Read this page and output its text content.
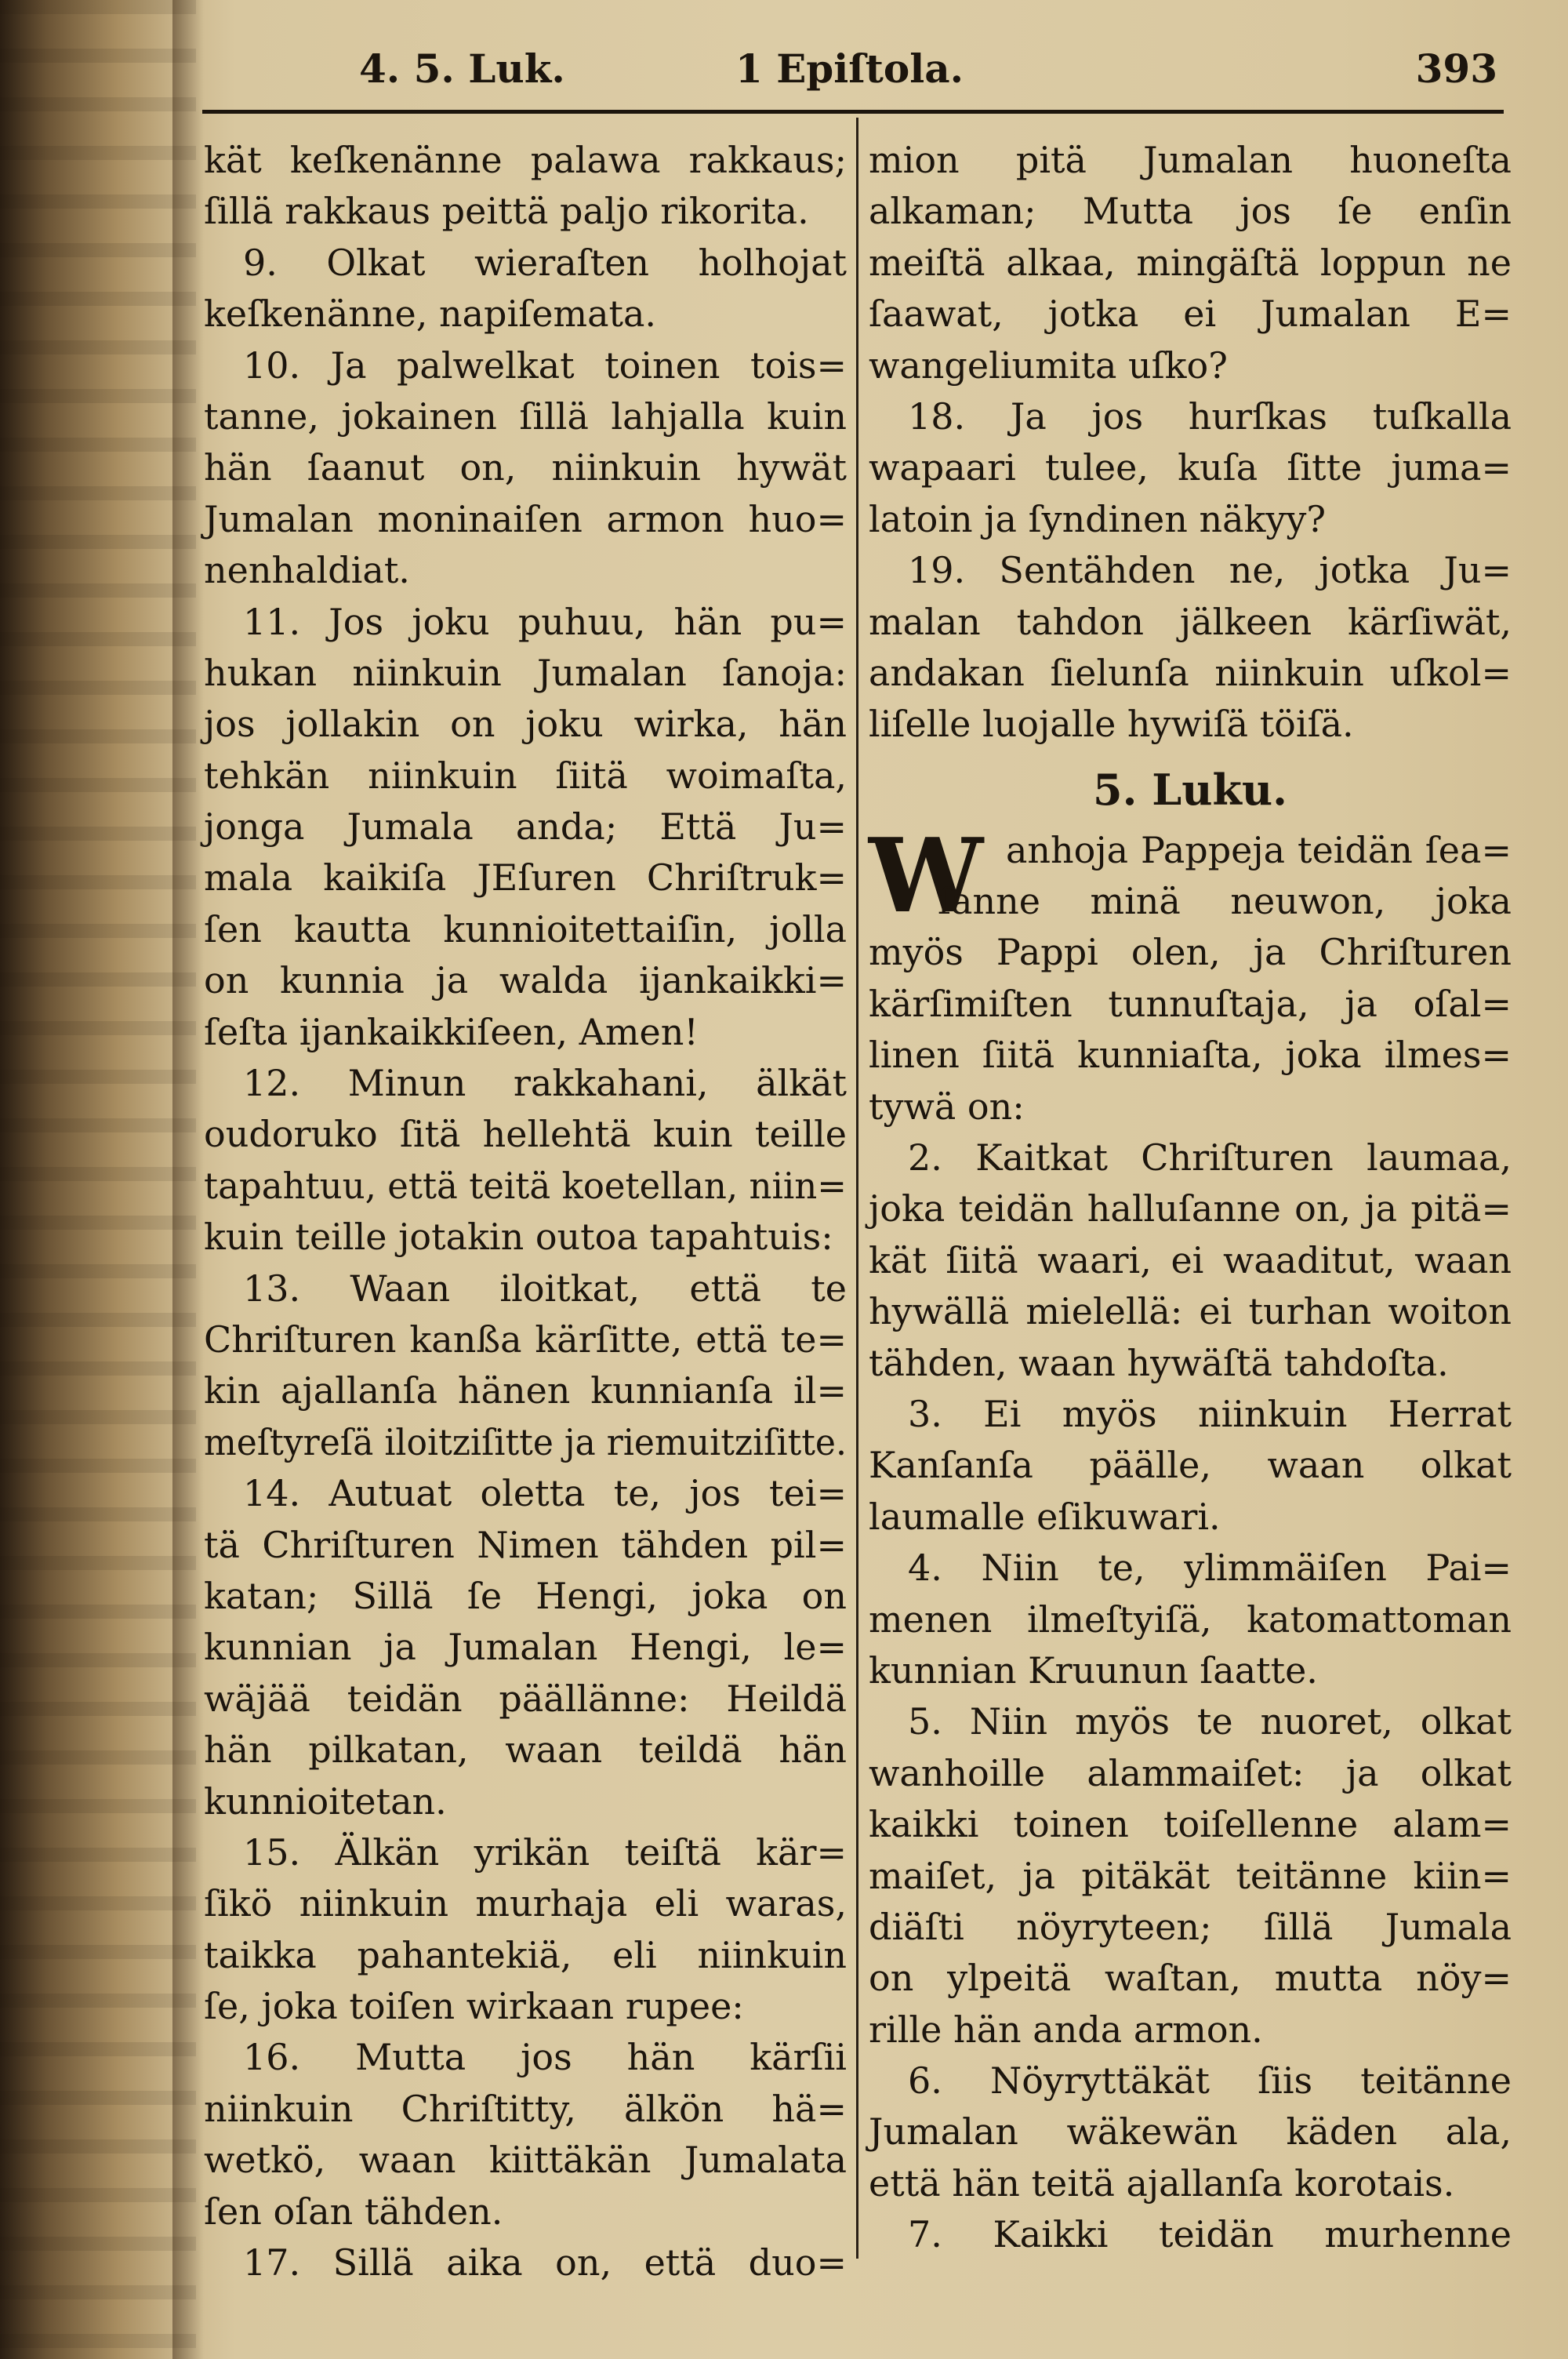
4. 5. Luk.	1 Epiſtola.	393
kät keſkenänne palawa rakkaus;
ſillä rakkaus peittä paljo rikorita.
9. Olkat wieraſten holhojat
keſkenänne, napiſemata.
10. Ja palwelkat toinen tois=
tanne, jokainen ſillä lahjalla kuin
hän ſaanut on, niinkuin hywät
Jumalan moninaiſen armon huo=
nenhaldiat.
11. Jos joku puhuu, hän pu=
hukan niinkuin Jumalan ſanoja:
jos jollakin on joku wirka, hän
tehkän niinkuin ſiitä woimaſta,
jonga Jumala anda; Että Ju=
mala kaikiſa JEſuren Chriſtruk=
ſen kautta kunnioitettaiſin, jolla
on kunnia ja walda ijankaikki=
ſeſta ijankaikkiſeen, Amen!
12. Minun rakkahani, älkät
oudoruko ſitä hellehtä kuin teille
tapahtuu, että teitä koetellan, niin=
kuin teille jotakin outoa tapahtuis:
13. Waan iloitkat, että te
Chriſturen kanßa kärſitte, että te=
kin ajallanſa hänen kunnianſa il=
meſtyreſä iloitziſitte ja riemuitziſitte.
14. Autuat oletta te, jos tei=
tä Chriſturen Nimen tähden pil=
katan; Sillä ſe Hengi, joka on
kunnian ja Jumalan Hengi, le=
wäjää teidän päällänne: Heildä
hän pilkatan, waan teildä hän
kunnioitetan.
15. Älkän yrikän teiſtä kär=
ſikö niinkuin murhaja eli waras,
taikka pahantekiä, eli niinkuin
ſe, joka toiſen wirkaan rupee:
16. Mutta jos hän kärſii
niinkuin Chriſtitty, älkön hä=
wetkö, waan kiittäkän Jumalata
ſen oſan tähden.
17. Sillä aika on, että duo=
mion pitä Jumalan huoneſta
alkaman; Mutta jos ſe enſin
meiſtä alkaa, mingäſtä loppun ne
ſaawat, jotka ei Jumalan E=
wangeliumita uſko?
18. Ja jos hurſkas tuſkalla
wapaari tulee, kuſa ſitte juma=
latoin ja ſyndinen näkyy?
19. Sentähden ne, jotka Ju=
malan tahdon jälkeen kärſiwät,
andakan ſielunſa niinkuin uſkol=
liſelle luojalle hywiſä töiſä.
5. Luku.
anhoja Pappeja teidän ſea=
W
ſanne minä neuwon, joka
myös Pappi olen, ja Chriſturen
kärſimiſten tunnuſtaja, ja oſal=
linen ſiitä kunniaſta, joka ilmes=
tywä on:
2. Kaitkat Chriſturen laumaa,
joka teidän halluſanne on, ja pitä=
kät ſiitä waari, ei waaditut, waan
hywällä mielellä: ei turhan woiton
tähden, waan hywäſtä tahdoſta.
3. Ei myös niinkuin Herrat
Kanſanſa päälle, waan olkat
laumalle eſikuwari.
4. Niin te, ylimmäiſen Pai=
menen ilmeſtyiſä, katomattoman
kunnian Kruunun ſaatte.
5. Niin myös te nuoret, olkat
wanhoille alammaiſet: ja olkat
kaikki toinen toiſellenne alam=
maiſet, ja pitäkät teitänne kiin=
diäſti nöyryteen; ſillä Jumala
on ylpeitä waſtan, mutta nöy=
rille hän anda armon.
6. Nöyryttäkät ſiis teitänne
Jumalan wäkewän käden ala,
että hän teitä ajallanſa korotais.
7. Kaikki teidän murhenne
